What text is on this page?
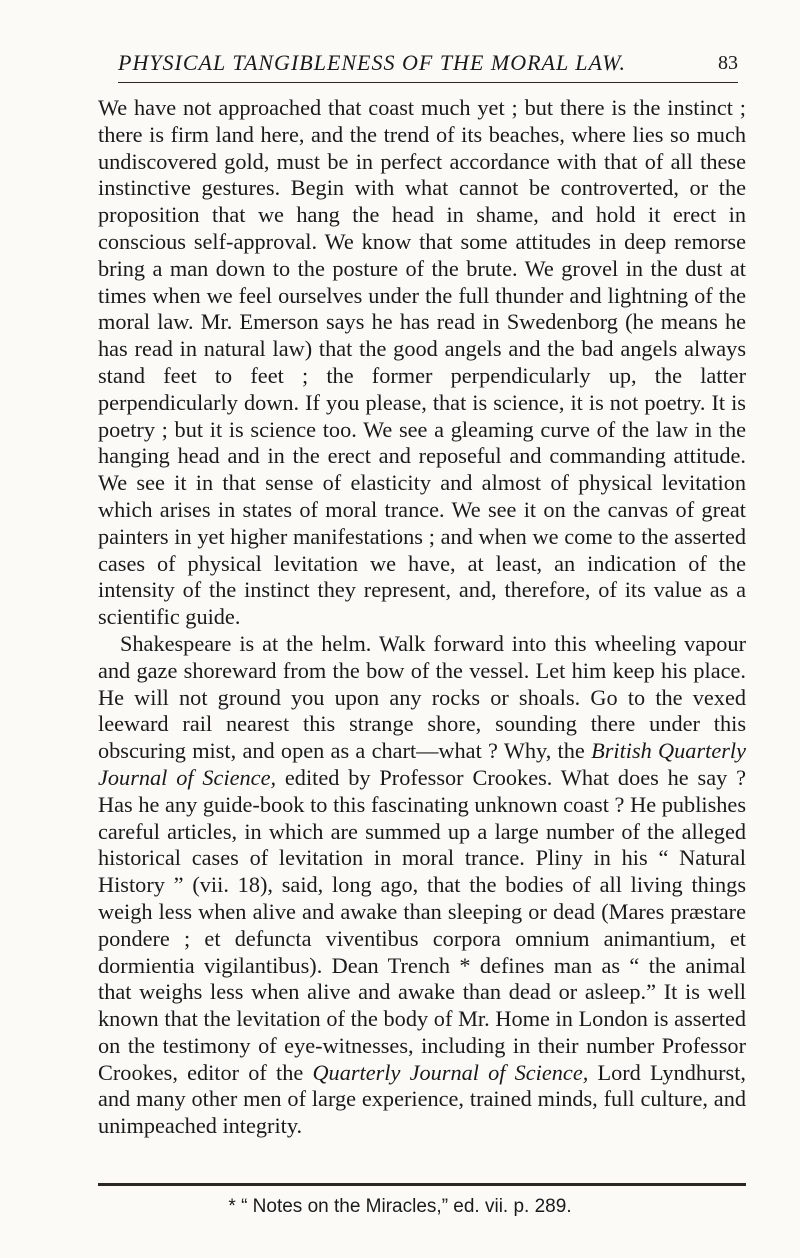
PHYSICAL TANGIBLENESS OF THE MORAL LAW.	83

We have not approached that coast much yet ; but there is the instinct ; there is firm land here, and the trend of its beaches, where lies so much undiscovered gold, must be in perfect accordance with that of all these instinctive gestures. Begin with what cannot be controverted, or the proposition that we hang the head in shame, and hold it erect in conscious self-approval. We know that some attitudes in deep remorse bring a man down to the posture of the brute. We grovel in the dust at times when we feel ourselves under the full thunder and lightning of the moral law. Mr. Emerson says he has read in Swedenborg (he means he has read in natural law) that the good angels and the bad angels always stand feet to feet ; the former perpendicularly up, the latter perpendicularly down. If you please, that is science, it is not poetry. It is poetry ; but it is science too. We see a gleaming curve of the law in the hanging head and in the erect and reposeful and commanding attitude. We see it in that sense of elasticity and almost of physical levitation which arises in states of moral trance. We see it on the canvas of great painters in yet higher manifestations ; and when we come to the asserted cases of physical levitation we have, at least, an indication of the intensity of the instinct they represent, and, therefore, of its value as a scientific guide.

Shakespeare is at the helm. Walk forward into this wheeling vapour and gaze shoreward from the bow of the vessel. Let him keep his place. He will not ground you upon any rocks or shoals. Go to the vexed leeward rail nearest this strange shore, sounding there under this obscuring mist, and open as a chart—what ? Why, the British Quarterly Journal of Science, edited by Professor Crookes. What does he say ? Has he any guide-book to this fascinating unknown coast ? He publishes careful articles, in which are summed up a large number of the alleged historical cases of levitation in moral trance. Pliny in his “ Natural History ” (vii. 18), said, long ago, that the bodies of all living things weigh less when alive and awake than sleeping or dead (Mares præstare pondere ; et defuncta viventibus corpora omnium animantium, et dormientia vigilantibus). Dean Trench * defines man as “ the animal that weighs less when alive and awake than dead or asleep.” It is well known that the levitation of the body of Mr. Home in London is asserted on the testimony of eye-witnesses, including in their number Professor Crookes, editor of the Quarterly Journal of Science, Lord Lyndhurst, and many other men of large experience, trained minds, full culture, and unimpeached integrity.

* “ Notes on the Miracles,” ed. vii. p. 289.
